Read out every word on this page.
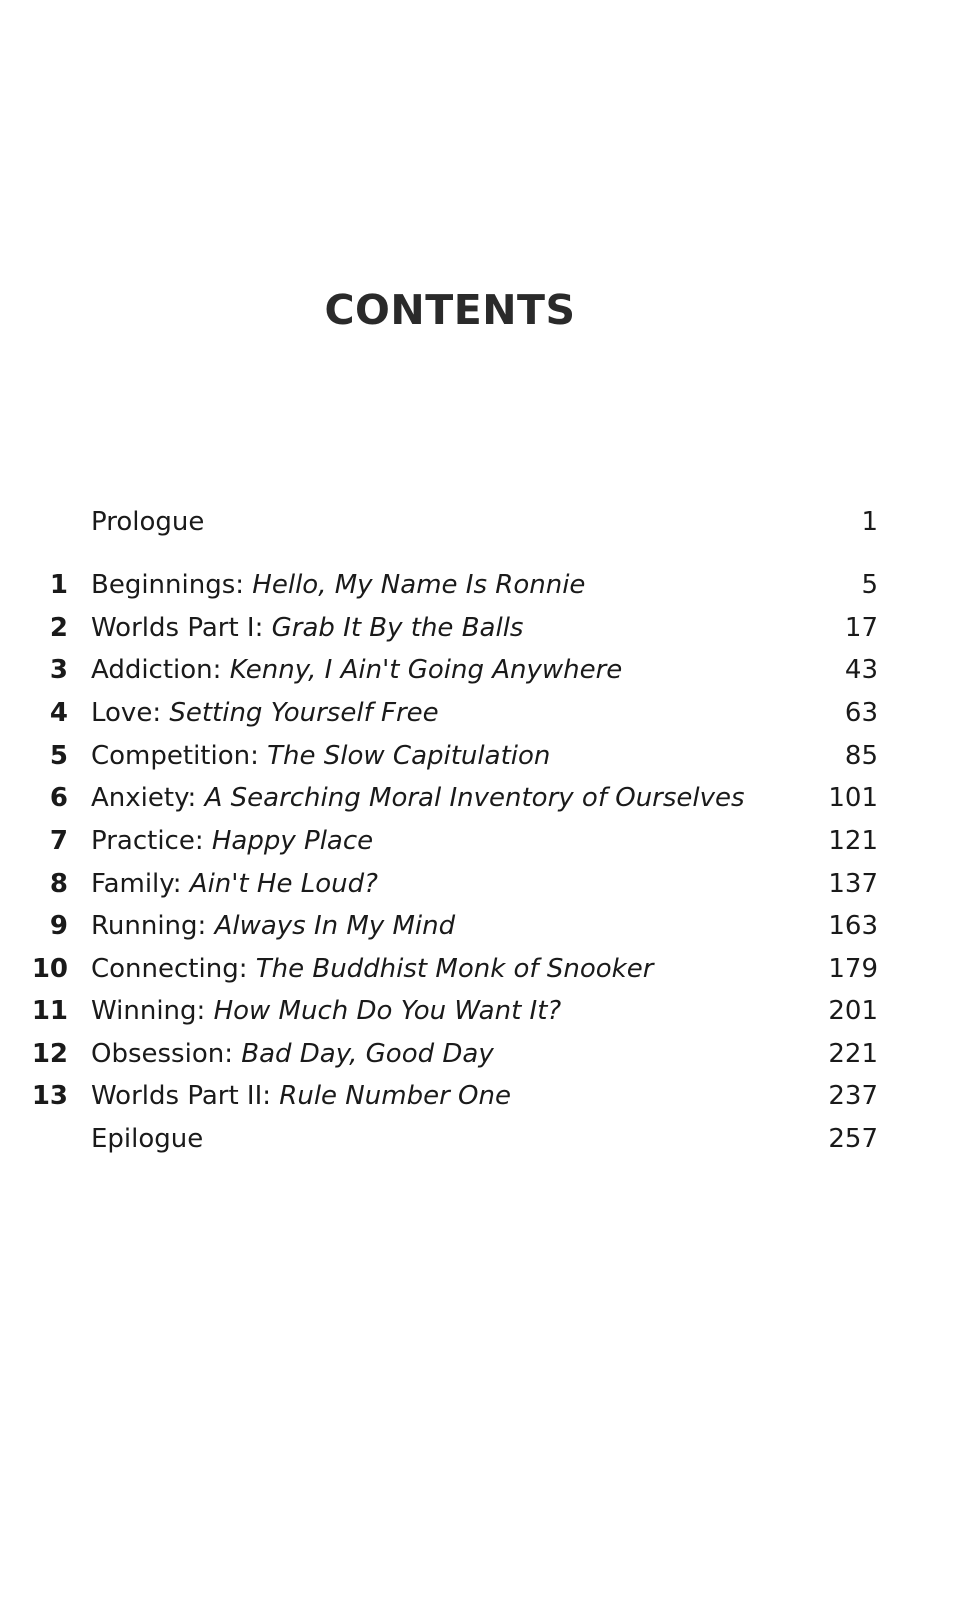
CONTENTS
Prologue	1
1 Beginnings: Hello, My Name Is Ronnie	5
2 Worlds Part I: Grab It By the Balls	17
3 Addiction: Kenny, I Ain't Going Anywhere	43
4 Love: Setting Yourself Free	63
5 Competition: The Slow Capitulation	85
6 Anxiety: A Searching Moral Inventory of Ourselves	101
7 Practice: Happy Place	121
8 Family: Ain't He Loud?	137
9 Running: Always In My Mind	163
10 Connecting: The Buddhist Monk of Snooker	179
11 Winning: How Much Do You Want It?	201
12 Obsession: Bad Day, Good Day	221
13 Worlds Part II: Rule Number One	237
Epilogue	257
